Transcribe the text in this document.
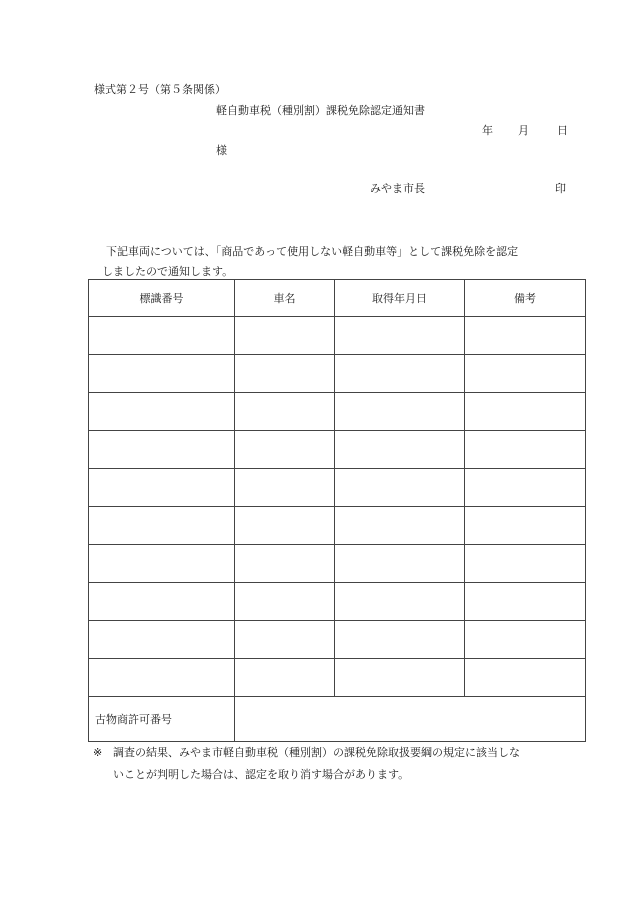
様式第２号（第５条関係）
軽自動車税（種別割）課税免除認定通知書
年 月	日
様
みやま市長	印
下記車両については、「商品であって使用しない軽自動車等」として課税免除を認定
しましたので通知します。
標識番号	車名	取得年月日	備考

古物商許可番号			
※ 調査の結果、みやま市軽自動車税（種別割）の課税免除取扱要綱の規定に該当しな
いことが判明した場合は、認定を取り消す場合があります。
